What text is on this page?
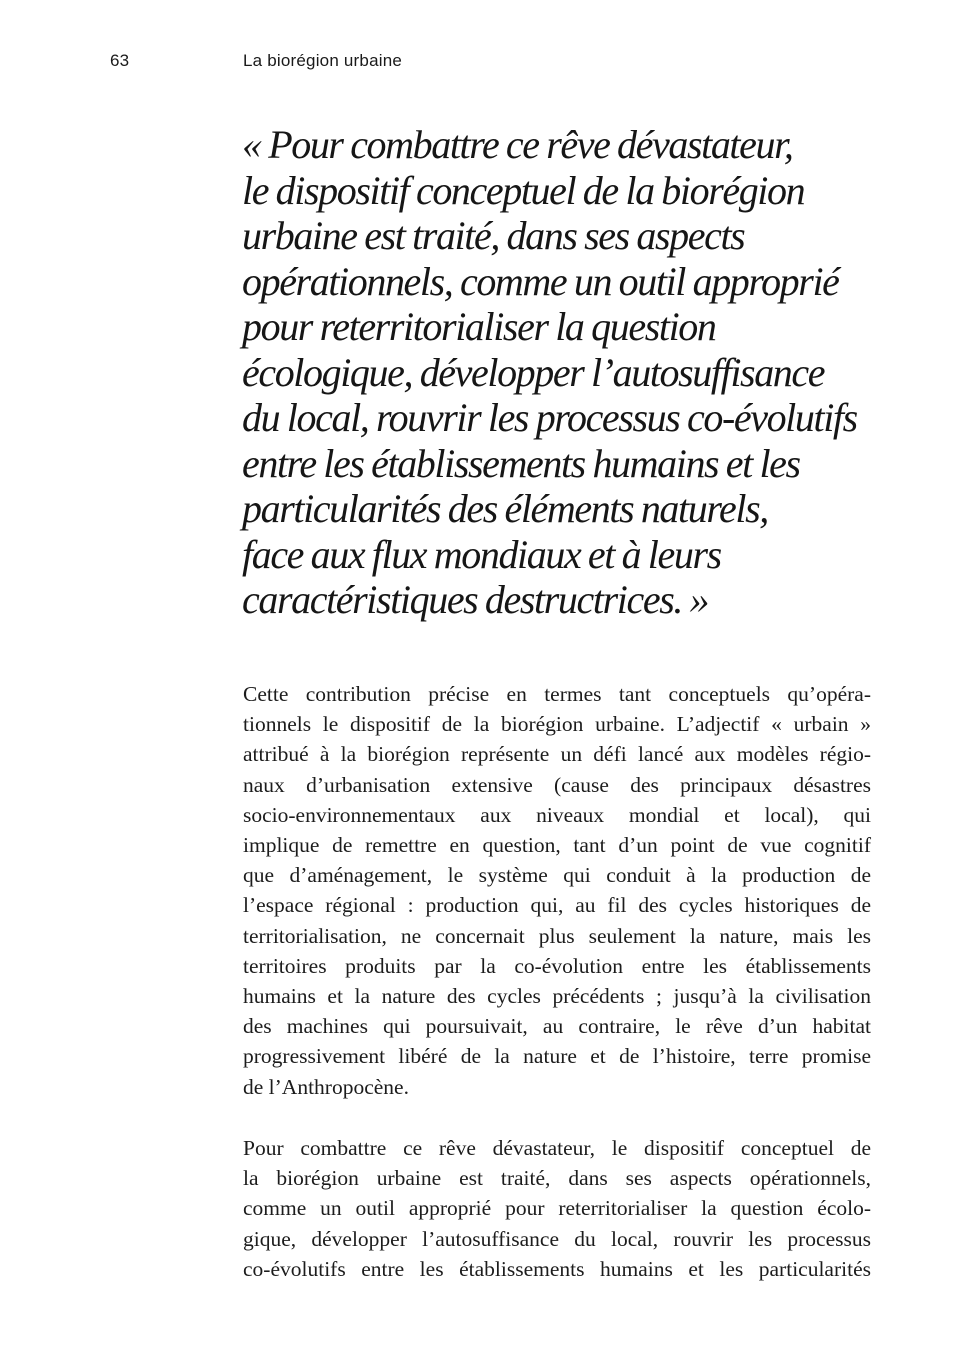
63	La biorégion urbaine
« Pour combattre ce rêve dévastateur,
le dispositif conceptuel de la biorégion
urbaine est traité, dans ses aspects
opérationnels, comme un outil approprié
pour reterritorialiser la question
écologique, développer l’autosuffisance
du local, rouvrir les processus co-évolutifs
entre les établissements humains et les
particularités des éléments naturels,
face aux flux mondiaux et à leurs
caractéristiques destructrices. »

Cette contribution précise en termes tant conceptuels qu’opéra-
tionnels le dispositif de la biorégion urbaine. L’adjectif « urbain »
attribué à la biorégion représente un défi lancé aux modèles régio-
naux d’urbanisation extensive (cause des principaux désastres
socio-environnementaux aux niveaux mondial et local), qui
implique de remettre en question, tant d’un point de vue cognitif
que d’aménagement, le système qui conduit à la production de
l’espace régional : production qui, au fil des cycles historiques de
territorialisation, ne concernait plus seulement la nature, mais les
territoires produits par la co-évolution entre les établissements
humains et la nature des cycles précédents ; jusqu’à la civilisation
des machines qui poursuivait, au contraire, le rêve d’un habitat
progressivement libéré de la nature et de l’histoire, terre promise
de l’Anthropocène.

Pour combattre ce rêve dévastateur, le dispositif conceptuel de
la biorégion urbaine est traité, dans ses aspects opérationnels,
comme un outil approprié pour reterritorialiser la question écolo-
gique, développer l’autosuffisance du local, rouvrir les processus
co-évolutifs entre les établissements humains et les particularités
